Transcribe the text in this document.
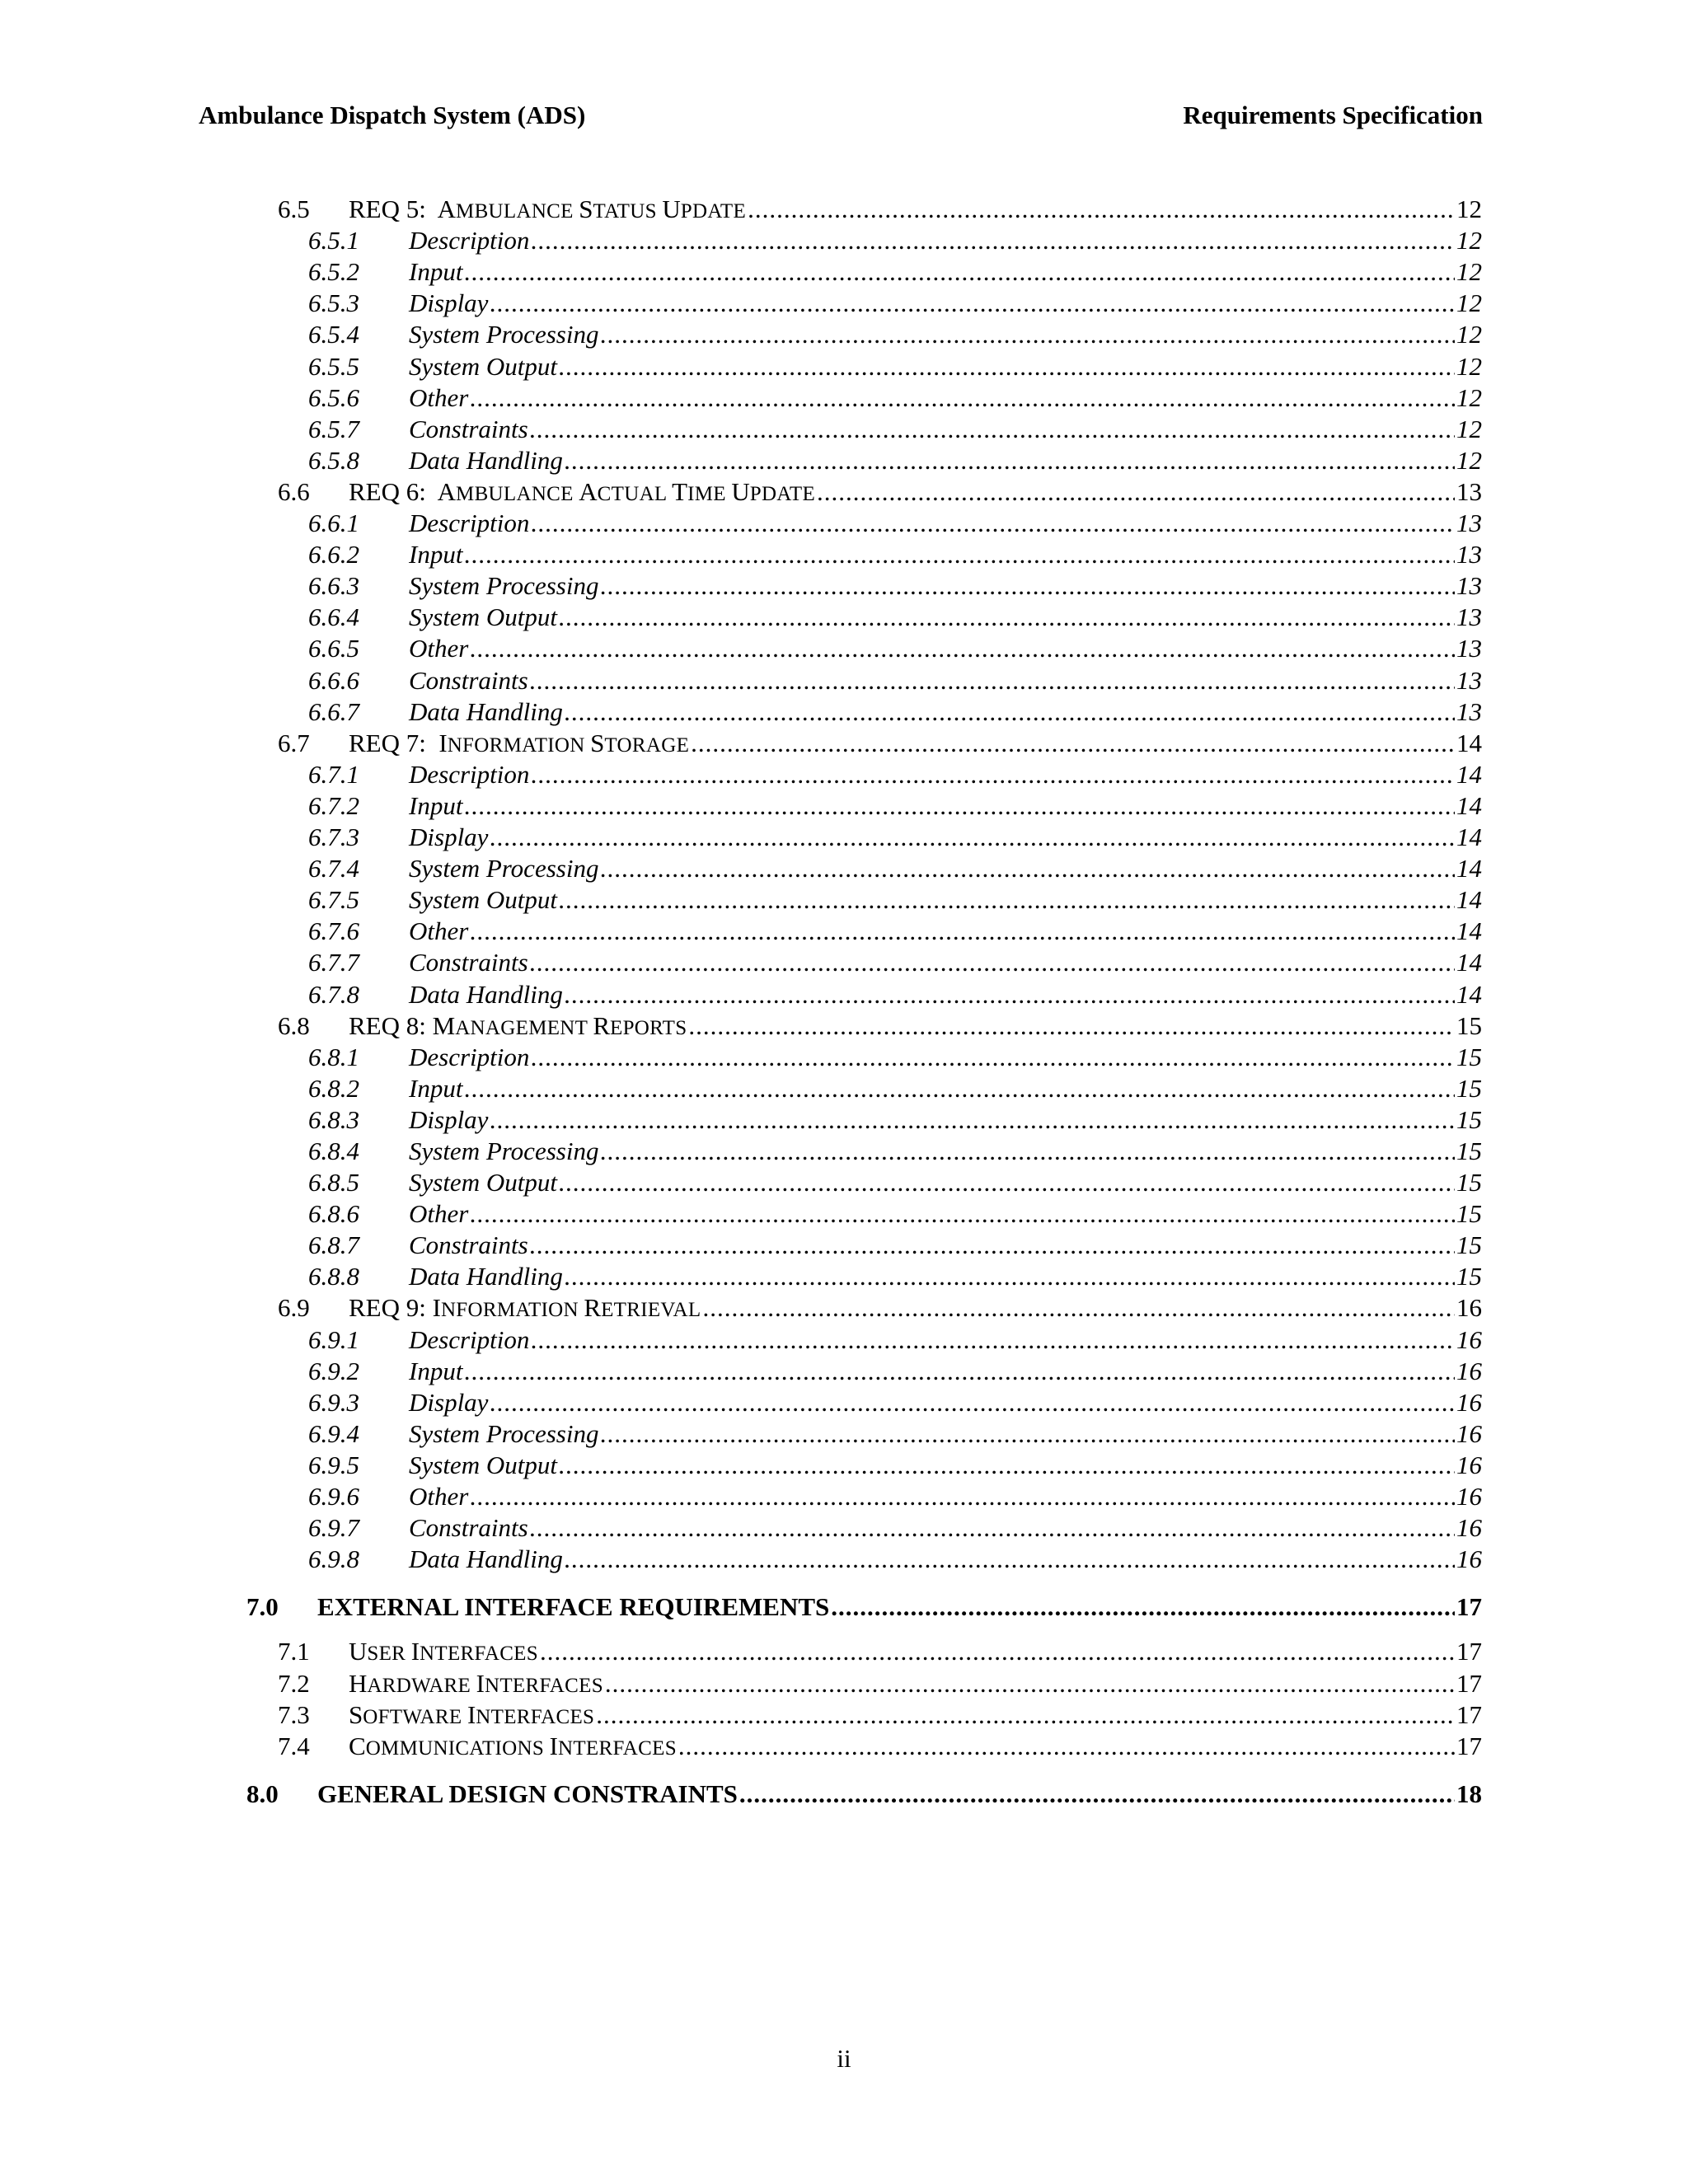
Ambulance Dispatch System (ADS)	Requirements Specification
6.5	REQ 5:  AMBULANCE STATUS UPDATE .....	12
6.5.1	Description .....	12
6.5.2	Input .....	12
6.5.3	Display .....	12
6.5.4	System Processing .....	12
6.5.5	System Output .....	12
6.5.6	Other .....	12
6.5.7	Constraints .....	12
6.5.8	Data Handling .....	12
6.6	REQ 6:  AMBULANCE ACTUAL TIME UPDATE .....	13
6.6.1	Description .....	13
6.6.2	Input .....	13
6.6.3	System Processing .....	13
6.6.4	System Output .....	13
6.6.5	Other .....	13
6.6.6	Constraints .....	13
6.6.7	Data Handling .....	13
6.7	REQ 7:  INFORMATION STORAGE .....	14
6.7.1	Description .....	14
6.7.2	Input .....	14
6.7.3	Display .....	14
6.7.4	System Processing .....	14
6.7.5	System Output .....	14
6.7.6	Other .....	14
6.7.7	Constraints .....	14
6.7.8	Data Handling .....	14
6.8	REQ 8: MANAGEMENT REPORTS .....	15
6.8.1	Description .....	15
6.8.2	Input .....	15
6.8.3	Display .....	15
6.8.4	System Processing .....	15
6.8.5	System Output .....	15
6.8.6	Other .....	15
6.8.7	Constraints .....	15
6.8.8	Data Handling .....	15
6.9	REQ 9: INFORMATION RETRIEVAL .....	16
6.9.1	Description .....	16
6.9.2	Input .....	16
6.9.3	Display .....	16
6.9.4	System Processing .....	16
6.9.5	System Output .....	16
6.9.6	Other .....	16
6.9.7	Constraints .....	16
6.9.8	Data Handling .....	16
7.0	EXTERNAL INTERFACE REQUIREMENTS .....	17
7.1	USER INTERFACES .....	17
7.2	HARDWARE INTERFACES .....	17
7.3	SOFTWARE INTERFACES .....	17
7.4	COMMUNICATIONS INTERFACES .....	17
8.0	GENERAL DESIGN CONSTRAINTS .....	18
ii
